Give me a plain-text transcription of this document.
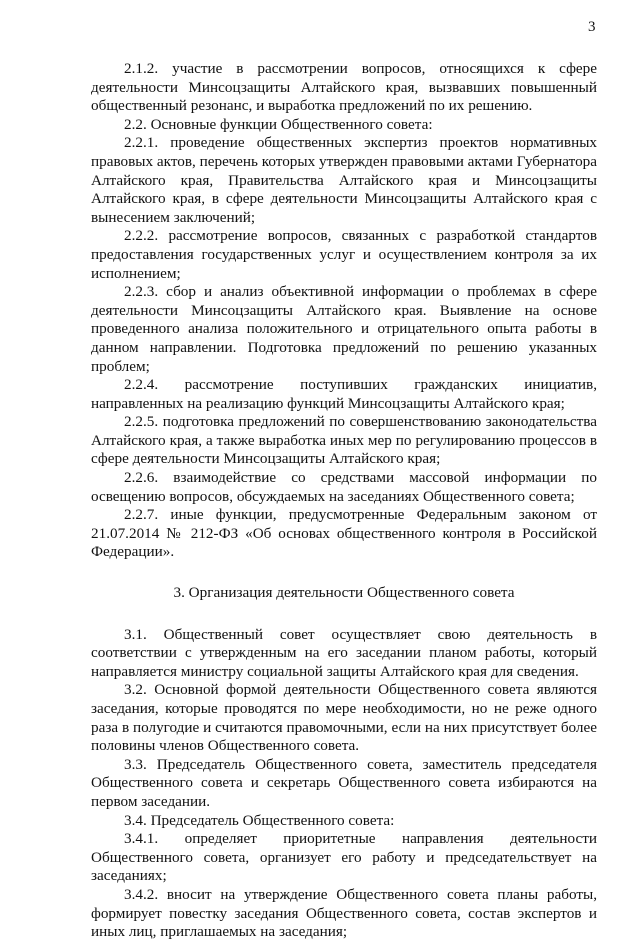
3

2.1.2. участие в рассмотрении вопросов, относящихся к сфере деятельности Минсоцзащиты Алтайского края, вызвавших повышенный общественный резонанс, и выработка предложений по их решению.

2.2. Основные функции Общественного совета:

2.2.1. проведение общественных экспертиз проектов нормативных правовых актов, перечень которых утвержден правовыми актами Губернатора Алтайского края, Правительства Алтайского края и Минсоцзащиты Алтайского края, в сфере деятельности Минсоцзащиты Алтайского края с вынесением заключений;

2.2.2. рассмотрение вопросов, связанных с разработкой стандартов предоставления государственных услуг и осуществлением контроля за их исполнением;

2.2.3. сбор и анализ объективной информации о проблемах в сфере деятельности Минсоцзащиты Алтайского края. Выявление на основе проведенного анализа положительного и отрицательного опыта работы в данном направлении. Подготовка предложений по решению указанных проблем;

2.2.4. рассмотрение поступивших гражданских инициатив, направленных на реализацию функций Минсоцзащиты Алтайского края;

2.2.5. подготовка предложений по совершенствованию законодательства Алтайского края, а также выработка иных мер по регулированию процессов в сфере деятельности Минсоцзащиты Алтайского края;

2.2.6. взаимодействие со средствами массовой информации по освещению вопросов, обсуждаемых на заседаниях Общественного совета;

2.2.7. иные функции, предусмотренные Федеральным законом от 21.07.2014 № 212-ФЗ «Об основах общественного контроля в Российской Федерации».

3. Организация деятельности Общественного совета

3.1. Общественный совет осуществляет свою деятельность в соответствии с утвержденным на его заседании планом работы, который направляется министру социальной защиты Алтайского края для сведения.

3.2. Основной формой деятельности Общественного совета являются заседания, которые проводятся по мере необходимости, но не реже одного раза в полугодие и считаются правомочными, если на них присутствует более половины членов Общественного совета.

3.3. Председатель Общественного совета, заместитель председателя Общественного совета и секретарь Общественного совета избираются на первом заседании.

3.4. Председатель Общественного совета:

3.4.1. определяет приоритетные направления деятельности Общественного совета, организует его работу и председательствует на заседаниях;

3.4.2. вносит на утверждение Общественного совета планы работы, формирует повестку заседания Общественного совета, состав экспертов и иных лиц, приглашаемых на заседания;
